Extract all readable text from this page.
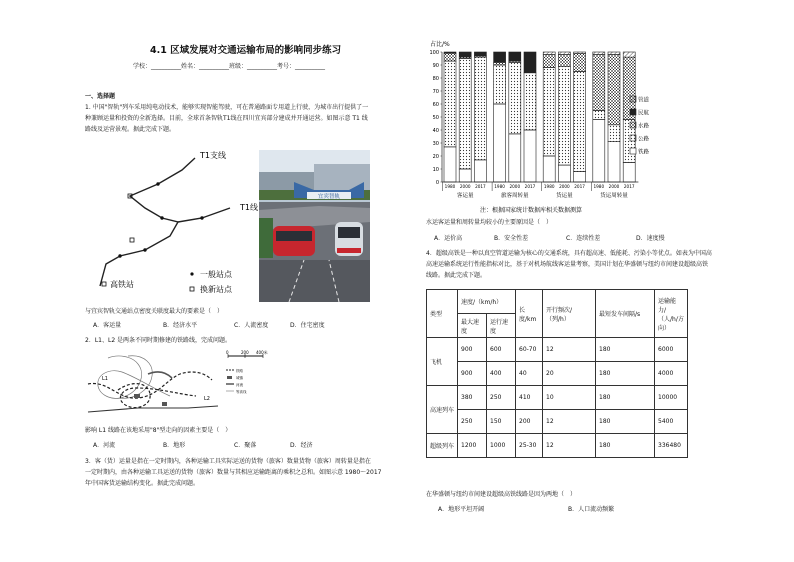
4.1 区域发展对交通运输布局的影响同步练习
学校：__________姓名：__________班级：__________考号：__________
一、选择题
1. 中国"智轨"列车采用纯电动技术，能够实现智能驾驶，可在普通路面专用道上行驶，为城市出行提供了一
种兼顾运量和投资的全新选择。目前，全球首条智轨T1线在四川宜宾部分建成并开通运营。如图示意 T1 线
路线及运营景观。据此完成下题。
T1支线
T1线
高铁站
一般站点
换新站点
宜宾智轨
与宜宾智轨交通站点密度关联度最大的要素是（　）
A．客运量	B．经济水平	C．人流密度	D．住宅密度
2．L1、L2 是两条不同时期修建的铁路线，完成问题。
0	200 400米
L1
L2
铁路
城镇
河流
等高线
影响 L1 线路在该地采用"8"型走向的因素主要是（　）
A．河流	B．地形	C．聚落	D．经济
3．客（货）运量是指在一定时期内，各种运输工具实际运送的货物（旅客）数量货物（旅客）周转量是指在
一定时期内，由各种运输工具运送的货物（旅客）数量与其相应运输距离的乘积之总和。如图示意 1980～2017
年中国客货运输结构变化。据此完成问题。
占比/%
0
10
20
30
40
50
60
70
80
90
100
1980 2000 2017 1980 2000 2017 1980 2000 2017 1980 2000 2017
客运量	旅客周转量	货运量	货运周转量
管道
民航
水路
公路
铁路
注：根据国家统计数据库相关数据测算
水运客运量和周转量均较小的主要原因是（　）
A．运价高	B．安全性差	C．连续性差	D．速度慢
4．超级高铁是一种以真空管道运输为核心的交通系统，具有超高速、低能耗、污染小等优点。如表为中国高
高速运输系统运行性能指标对比，基于对机场航线客运量考察，美国计划在华盛顿与纽约市间建设超级高铁
线路。据此完成下题。
类型	速度/（km/h）		长度/km	开行频次/（列/h）	最短发车间隔/s	运输能力/（人/h/方向）
	最大速度	运行速度				
飞机	900	600	60-70	12	180	6000
	900	400	40	20	180	4000
高速列车	380	250	410	10	180	10000
	250	150	200	12	180	5400
超级列车	1200	1000	25-30	12	180	336480
在华盛顿与纽约市间建设超级高铁线路是因为两地（　）
A．地形平坦开阔	B．人口流动频繁
